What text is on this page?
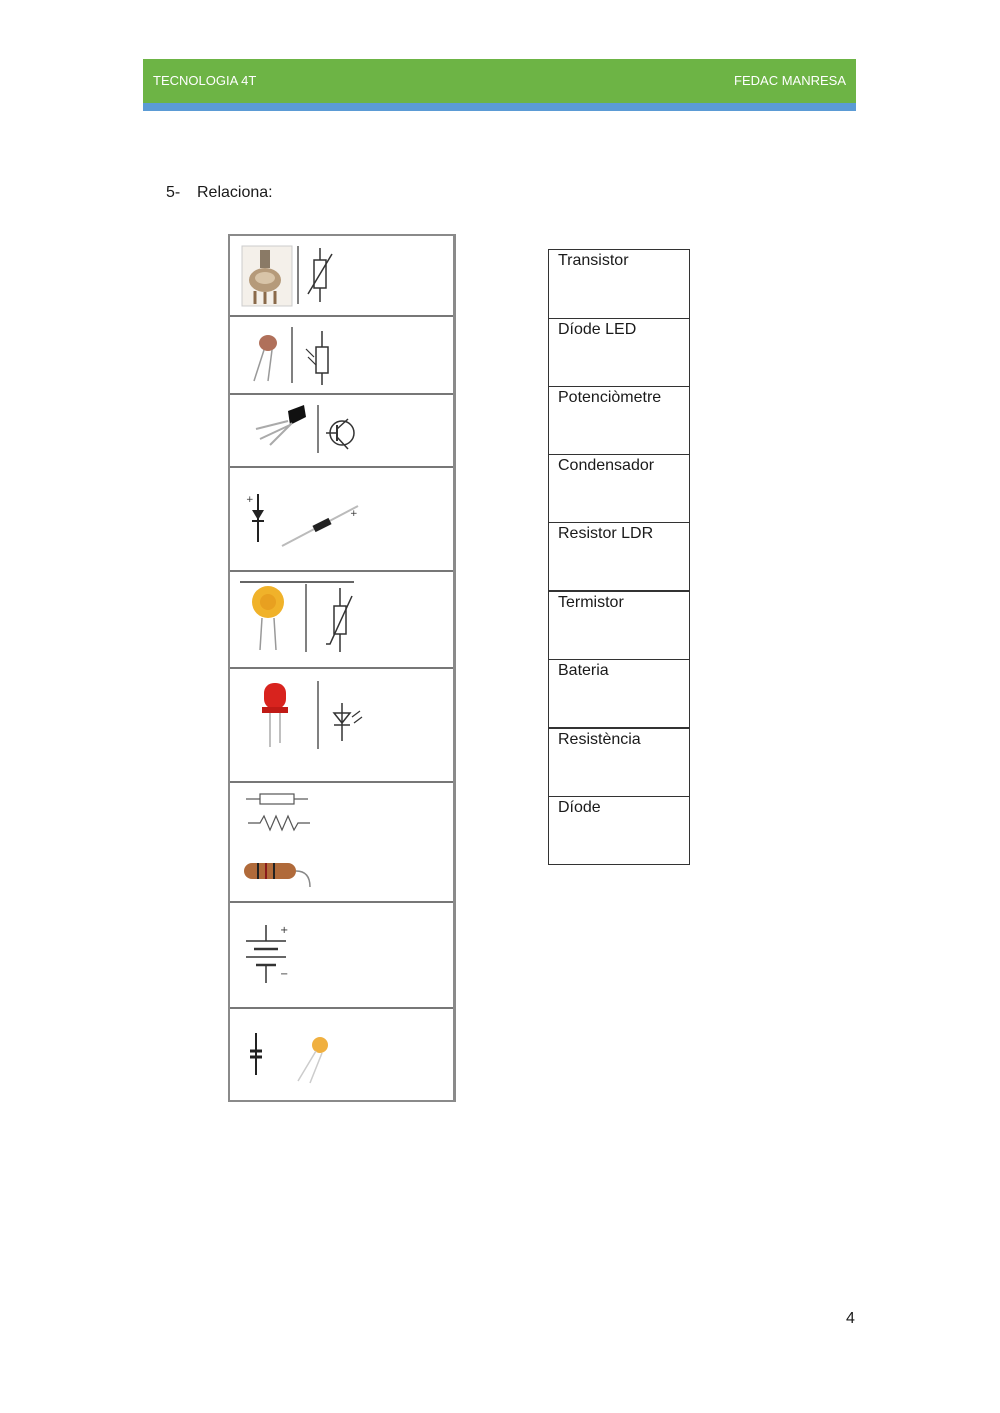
TECNOLOGIA 4T	FEDAC MANRESA
5- Relaciona:
+
+
+
−
Transistor
Díode LED
Potenciòmetre
Condensador
Resistor LDR
Termistor
Bateria
Resistència
Díode
4
